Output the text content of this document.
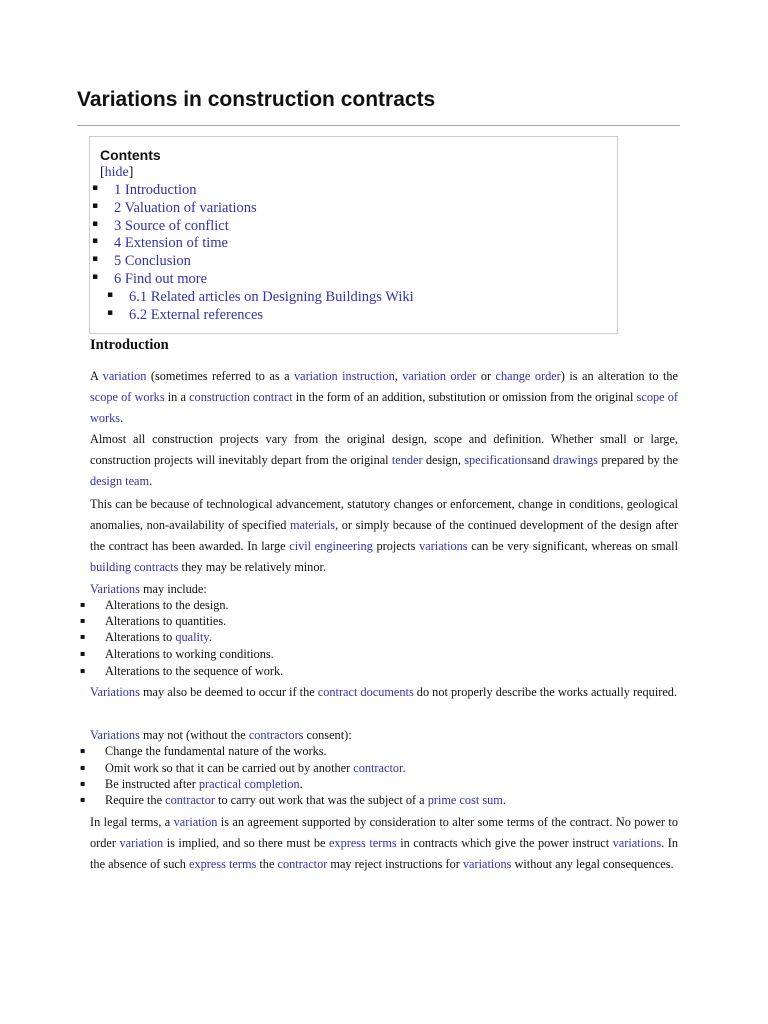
Variations in construction contracts
Contents
[hide]
▪ 1 Introduction
▪ 2 Valuation of variations
▪ 3 Source of conflict
▪ 4 Extension of time
▪ 5 Conclusion
▪ 6 Find out more
▪ 6.1 Related articles on Designing Buildings Wiki
▪ 6.2 External references
Introduction

A variation (sometimes referred to as a variation instruction, variation order or change order) is an alteration to the scope of works in a construction contract in the form of an addition, substitution or omission from the original scope of works.

Almost all construction projects vary from the original design, scope and definition. Whether small or large, construction projects will inevitably depart from the original tender design, specificationsand drawings prepared by the design team.

This can be because of technological advancement, statutory changes or enforcement, change in conditions, geological anomalies, non-availability of specified materials, or simply because of the continued development of the design after the contract has been awarded. In large civil engineering projects variations can be very significant, whereas on small building contracts they may be relatively minor.

Variations may include:
▪ Alterations to the design.
▪ Alterations to quantities.
▪ Alterations to quality.
▪ Alterations to working conditions.
▪ Alterations to the sequence of work.

Variations may also be deemed to occur if the contract documents do not properly describe the works actually required.

Variations may not (without the contractors consent):
▪ Change the fundamental nature of the works.
▪ Omit work so that it can be carried out by another contractor.
▪ Be instructed after practical completion.
▪ Require the contractor to carry out work that was the subject of a prime cost sum.

In legal terms, a variation is an agreement supported by consideration to alter some terms of the contract. No power to order variation is implied, and so there must be express terms in contracts which give the power instruct variations. In the absence of such express terms the contractor may reject instructions for variations without any legal consequences.
